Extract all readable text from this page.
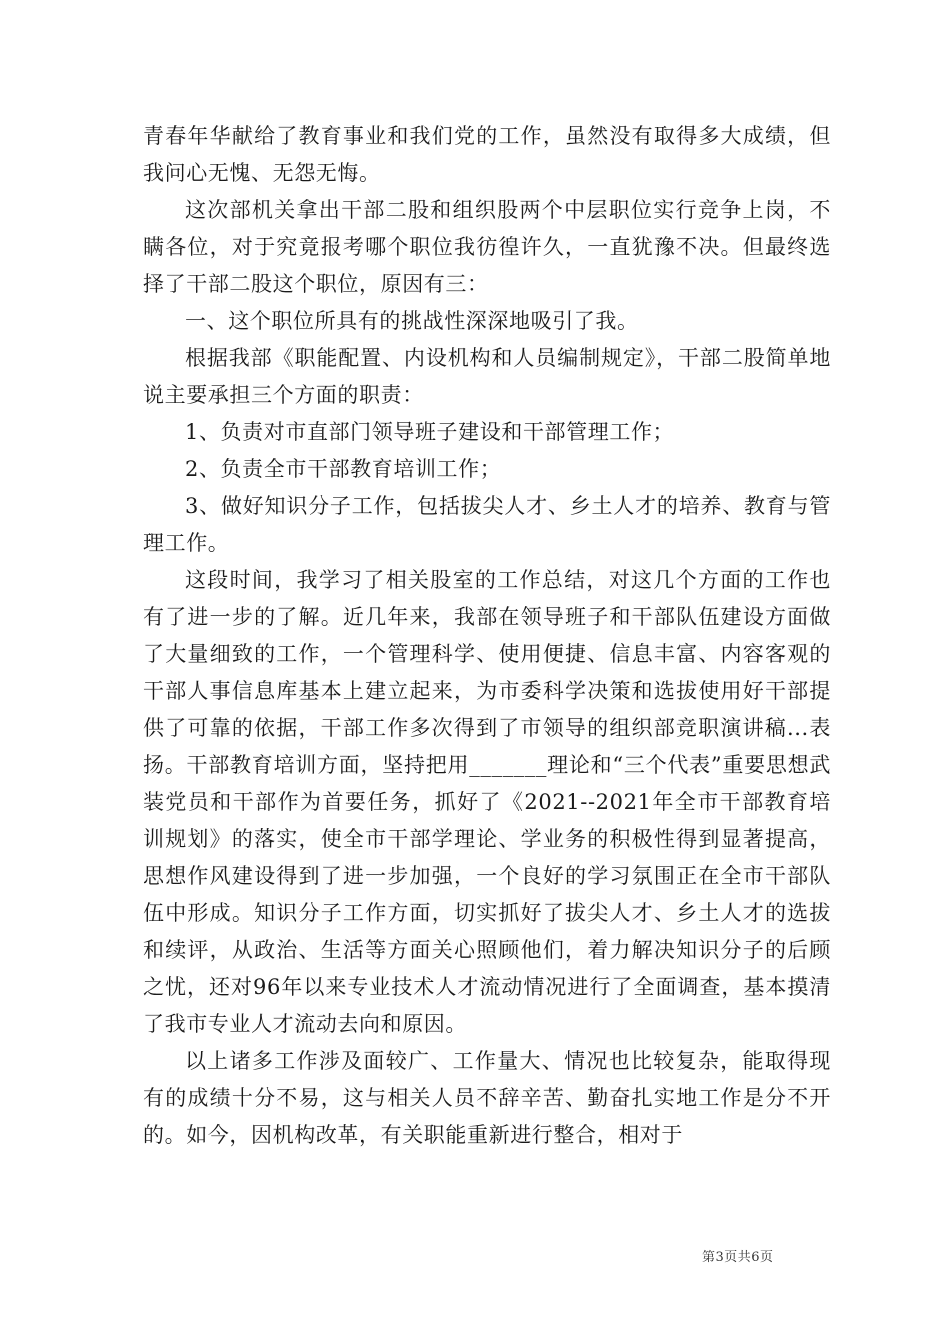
青春年华献给了教育事业和我们党的工作，虽然没有取得多大成绩，但我问心无愧、无怨无悔。

这次部机关拿出干部二股和组织股两个中层职位实行竞争上岗，不瞒各位，对于究竟报考哪个职位我彷徨许久，一直犹豫不决。但最终选择了干部二股这个职位，原因有三：

一、这个职位所具有的挑战性深深地吸引了我。

根据我部《职能配置、内设机构和人员编制规定》，干部二股简单地说主要承担三个方面的职责：

1、负责对市直部门领导班子建设和干部管理工作；

2、负责全市干部教育培训工作；

3、做好知识分子工作，包括拔尖人才、乡土人才的培养、教育与管理工作。

这段时间，我学习了相关股室的工作总结，对这几个方面的工作也有了进一步的了解。近几年来，我部在领导班子和干部队伍建设方面做了大量细致的工作，一个管理科学、使用便捷、信息丰富、内容客观的干部人事信息库基本上建立起来，为市委科学决策和选拔使用好干部提供了可靠的依据，干部工作多次得到了市领导的组织部竞职演讲稿...表扬。干部教育培训方面，坚持把用_______理论和“三个代表”重要思想武装党员和干部作为首要任务，抓好了《2021--2021年全市干部教育培训规划》的落实，使全市干部学理论、学业务的积极性得到显著提高，思想作风建设得到了进一步加强，一个良好的学习氛围正在全市干部队伍中形成。知识分子工作方面，切实抓好了拔尖人才、乡土人才的选拔和续评，从政治、生活等方面关心照顾他们，着力解决知识分子的后顾之忧，还对96年以来专业技术人才流动情况进行了全面调查，基本摸清了我市专业人才流动去向和原因。

以上诸多工作涉及面较广、工作量大、情况也比较复杂，能取得现有的成绩十分不易，这与相关人员不辞辛苦、勤奋扎实地工作是分不开的。如今，因机构改革，有关职能重新进行整合，相对于

第3页共6页
